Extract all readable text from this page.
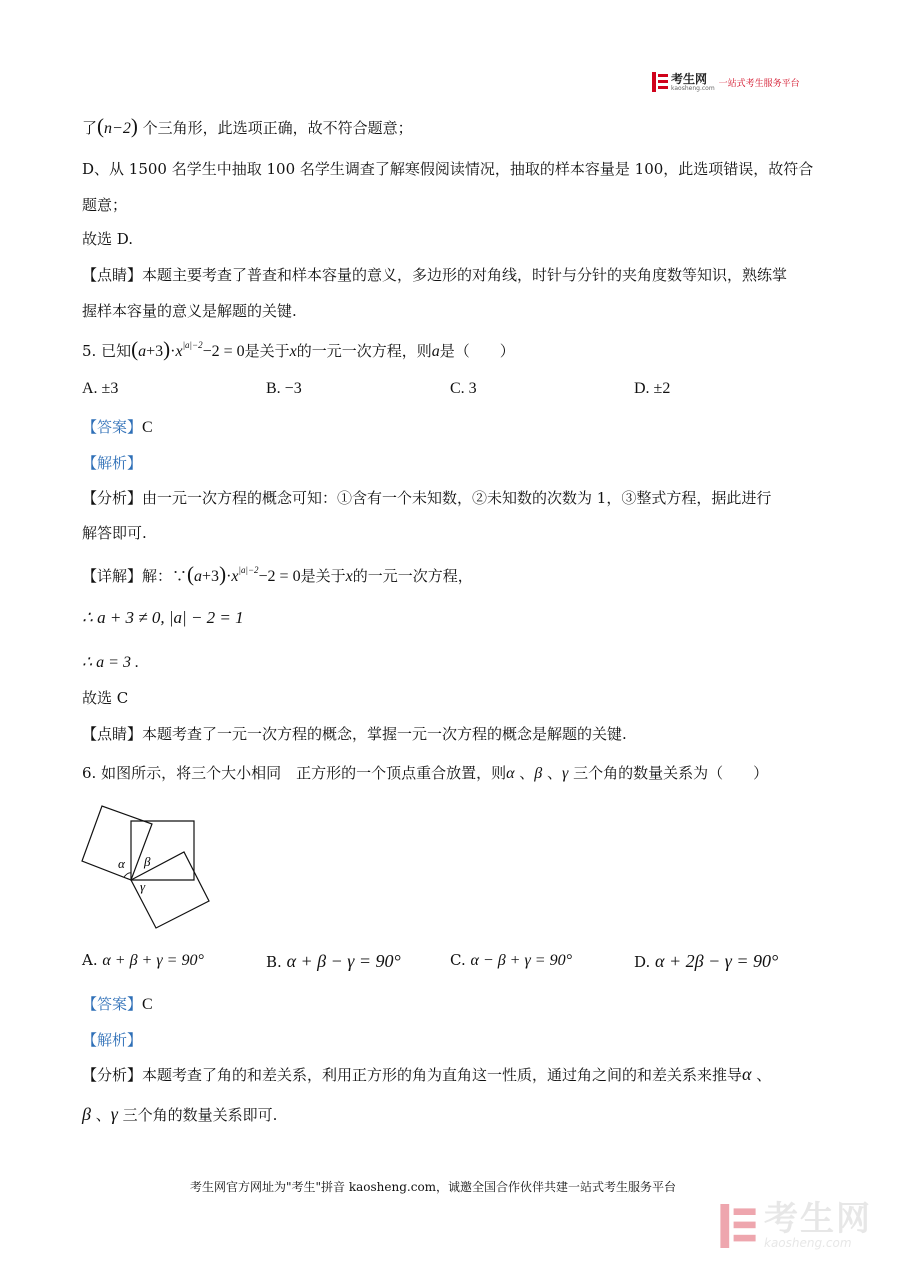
考生网
kaosheng.com 一站式考生服务平台
了(n−2) 个三角形，此选项正确，故不符合题意；
D、从 1500 名学生中抽取 100 名学生调查了解寒假阅读情况，抽取的样本容量是 100，此选项错误，故符合
题意；
故选 D.
【点睛】本题主要考查了普查和样本容量的意义，多边形的对角线，时针与分针的夹角度数等知识，熟练掌
握样本容量的意义是解题的关键.
5. 已知$(a+3)\cdot x^{|a|-2}-2 = 0$是关于x的一元一次方程，则a是（　　）
A. ±3	B. −3	C. 3	D. ±2
【答案】C
【解析】
【分析】由一元一次方程的概念可知：①含有一个未知数，②未知数的次数为 1，③整式方程，据此进行
解答即可.
【详解】解：$\because(a+3)\cdot x^{|a|-2}-2 = 0$是关于x的一元一次方程，
∴ a + 3 ≠ 0, |a| − 2 = 1
∴ a = 3 .
故选 C
【点睛】本题考查了一元一次方程的概念，掌握一元一次方程的概念是解题的关键.
6. 如图所示，将三个大小相同　正方形的一个顶点重合放置，则α 、β 、γ 三个角的数量关系为（　　）
α β
γ
A. α + β + γ = 90°	B. α + β − γ = 90°	C. α − β + γ = 90°	D. α + 2β − γ = 90°
【答案】C
【解析】
【分析】本题考查了角的和差关系，利用正方形的角为直角这一性质，通过角之间的和差关系来推导α 、
β 、γ 三个角的数量关系即可.
考生网官方网址为"考生"拼音 kaosheng.com，诚邀全国合作伙伴共建一站式考生服务平台
考生网
kaosheng.com
